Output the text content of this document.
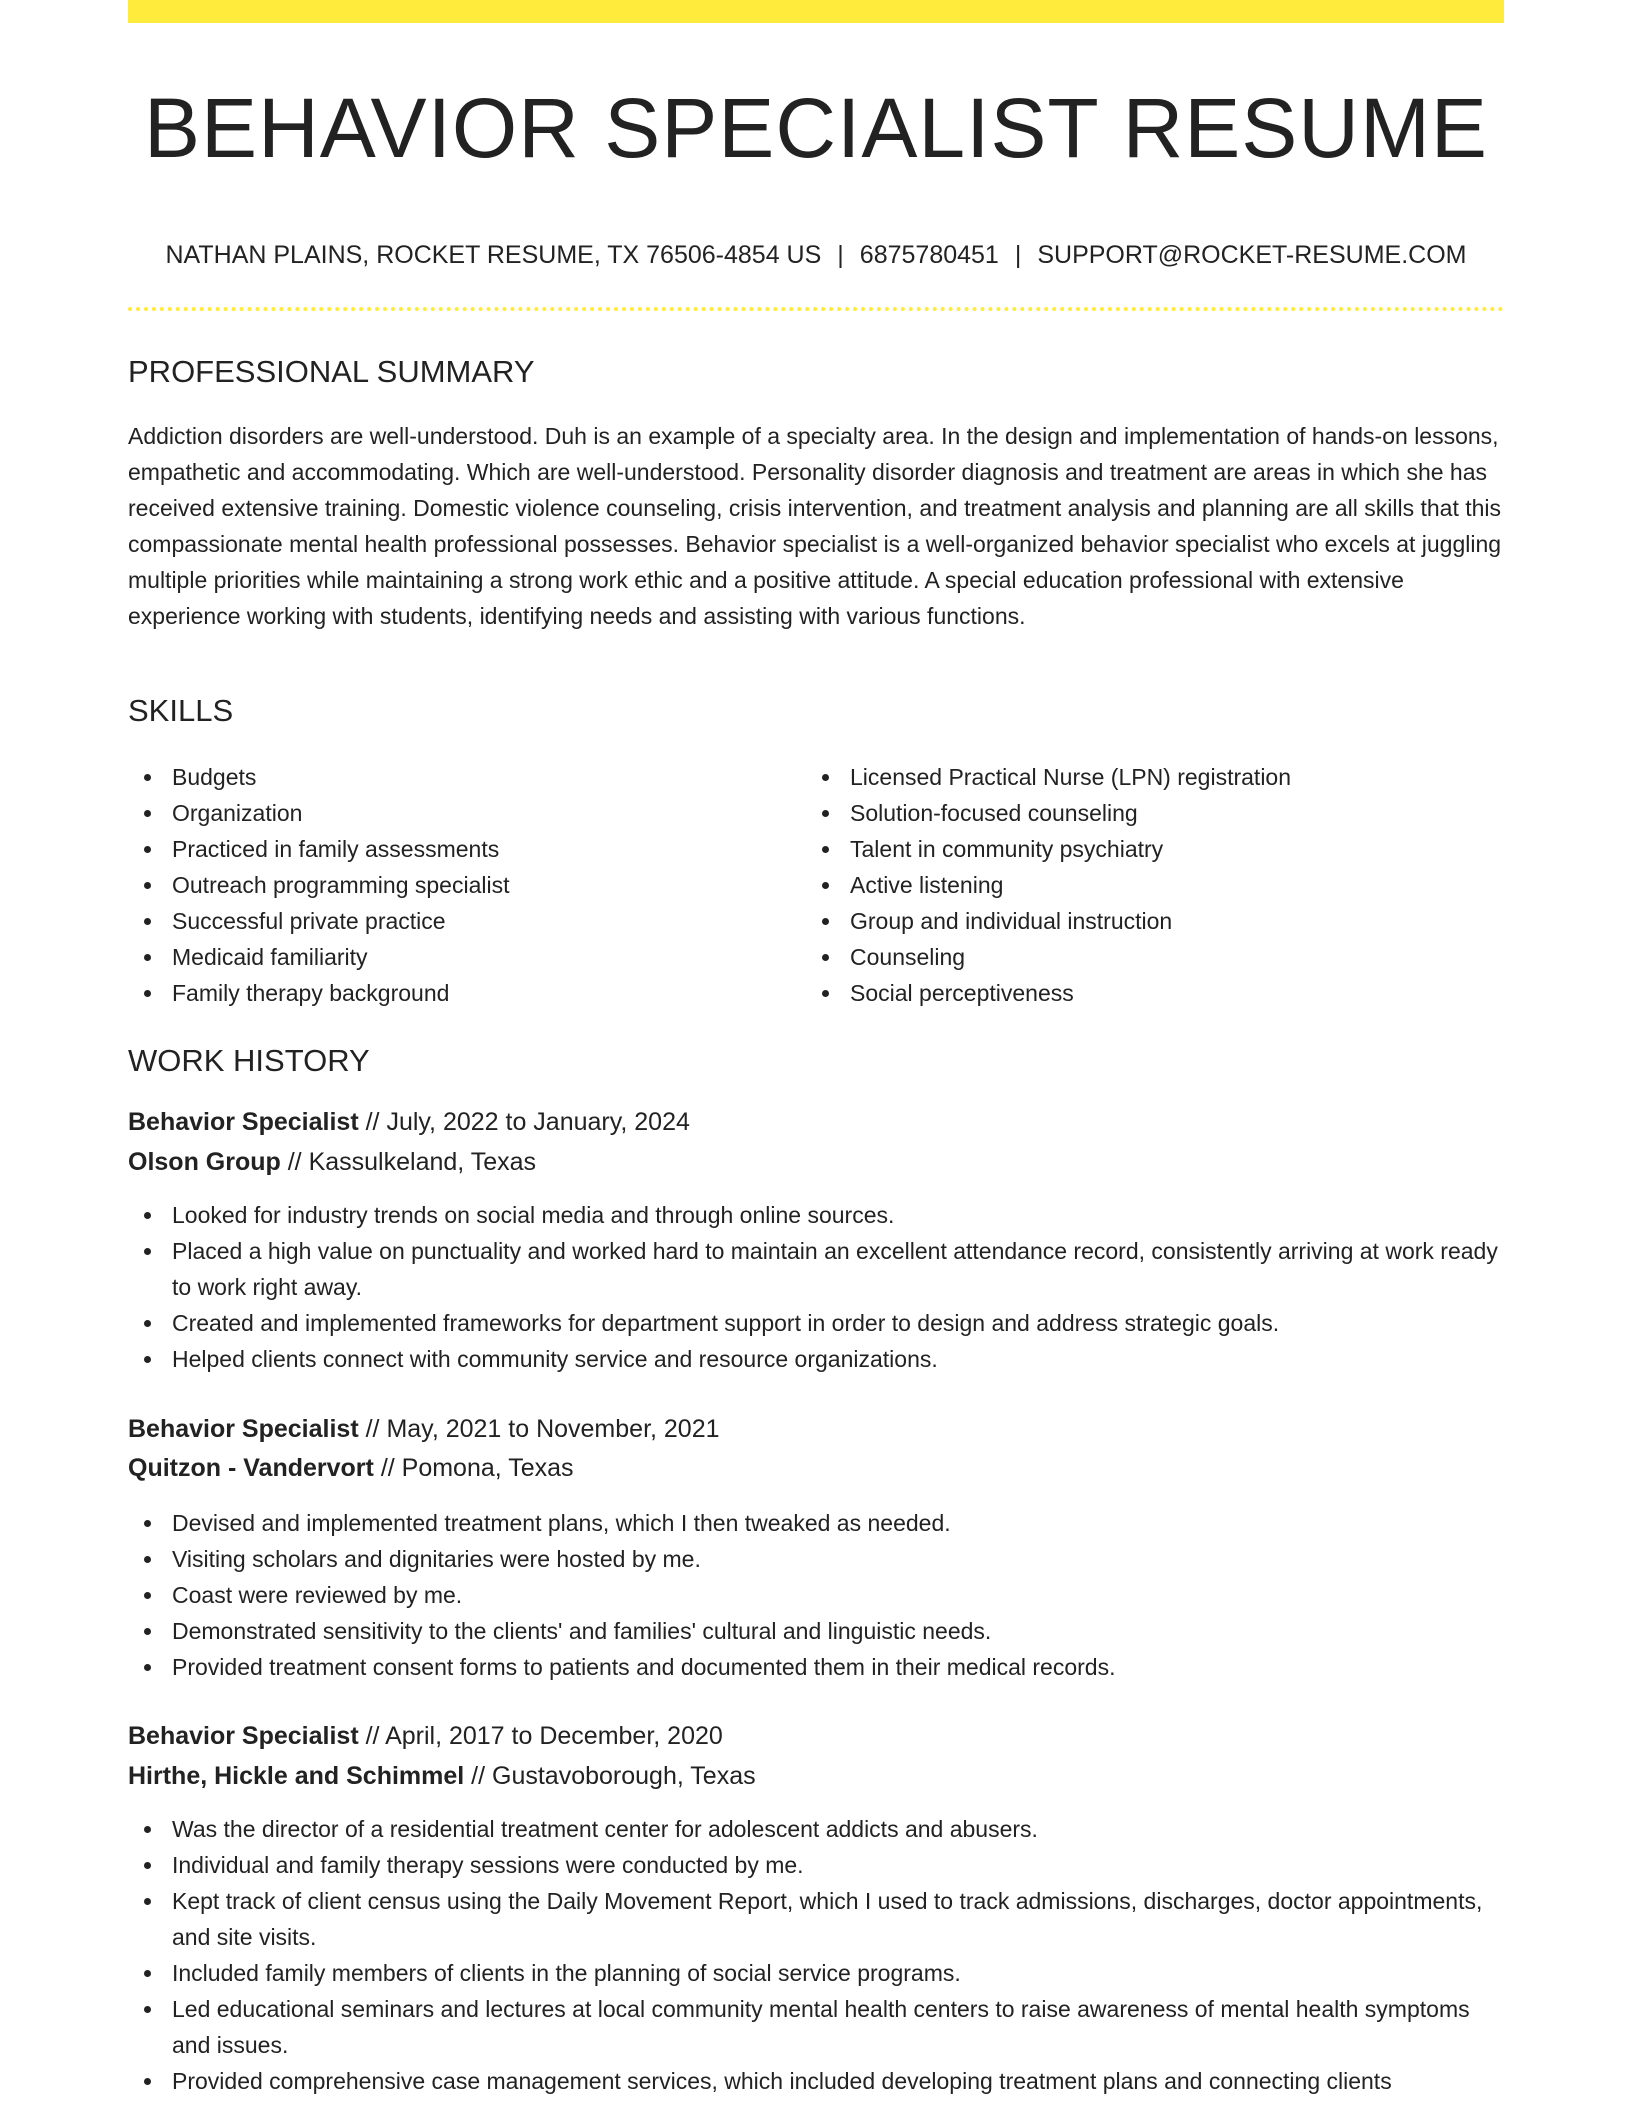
BEHAVIOR SPECIALIST RESUME
NATHAN PLAINS, ROCKET RESUME, TX 76506-4854 US | 6875780451 | SUPPORT@ROCKET-RESUME.COM
PROFESSIONAL SUMMARY

Addiction disorders are well-understood. Duh is an example of a specialty area. In the design and implementation of hands-on lessons, empathetic and accommodating. Which are well-understood. Personality disorder diagnosis and treatment are areas in which she has received extensive training. Domestic violence counseling, crisis intervention, and treatment analysis and planning are all skills that this compassionate mental health professional possesses. Behavior specialist is a well-organized behavior specialist who excels at juggling multiple priorities while maintaining a strong work ethic and a positive attitude. A special education professional with extensive experience working with students, identifying needs and assisting with various functions.

SKILLS
Budgets
Organization
Practiced in family assessments
Outreach programming specialist
Successful private practice
Medicaid familiarity
Family therapy background
Licensed Practical Nurse (LPN) registration
Solution-focused counseling
Talent in community psychiatry
Active listening
Group and individual instruction
Counseling
Social perceptiveness
WORK HISTORY
Behavior Specialist // July, 2022 to January, 2024
Olson Group // Kassulkeland, Texas
Looked for industry trends on social media and through online sources.
Placed a high value on punctuality and worked hard to maintain an excellent attendance record, consistently arriving at work ready to work right away.
Created and implemented frameworks for department support in order to design and address strategic goals.
Helped clients connect with community service and resource organizations.
Behavior Specialist // May, 2021 to November, 2021
Quitzon - Vandervort // Pomona, Texas
Devised and implemented treatment plans, which I then tweaked as needed.
Visiting scholars and dignitaries were hosted by me.
Coast were reviewed by me.
Demonstrated sensitivity to the clients' and families' cultural and linguistic needs.
Provided treatment consent forms to patients and documented them in their medical records.
Behavior Specialist // April, 2017 to December, 2020
Hirthe, Hickle and Schimmel // Gustavoborough, Texas
Was the director of a residential treatment center for adolescent addicts and abusers.
Individual and family therapy sessions were conducted by me.
Kept track of client census using the Daily Movement Report, which I used to track admissions, discharges, doctor appointments, and site visits.
Included family members of clients in the planning of social service programs.
Led educational seminars and lectures at local community mental health centers to raise awareness of mental health symptoms and issues.
Provided comprehensive case management services, which included developing treatment plans and connecting clients
